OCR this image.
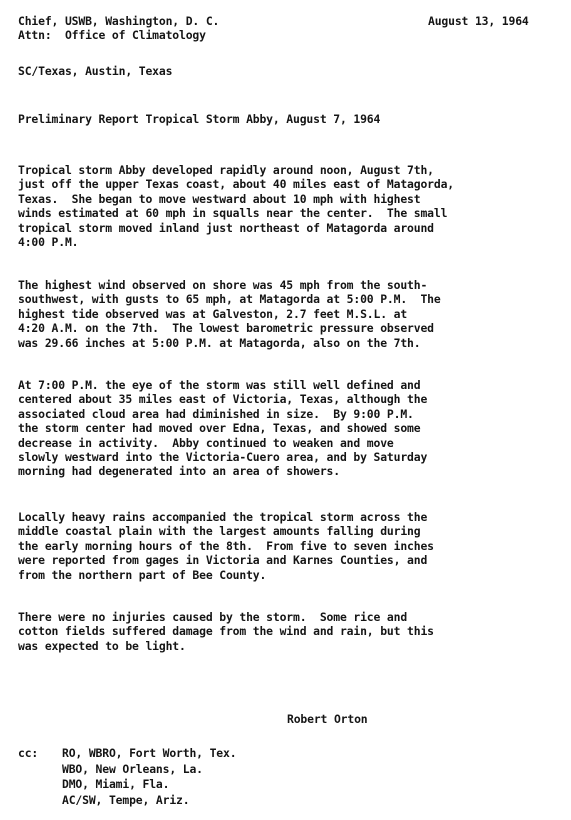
Chief, USWB, Washington, D. C.	August 13, 1964
Attn:  Office of Climatology
SC/Texas, Austin, Texas
Preliminary Report Tropical Storm Abby, August 7, 1964
Tropical storm Abby developed rapidly around noon, August 7th,
just off the upper Texas coast, about 40 miles east of Matagorda,
Texas.  She began to move westward about 10 mph with highest
winds estimated at 60 mph in squalls near the center.  The small
tropical storm moved inland just northeast of Matagorda around
4:00 P.M.
The highest wind observed on shore was 45 mph from the south-
southwest, with gusts to 65 mph, at Matagorda at 5:00 P.M.  The
highest tide observed was at Galveston, 2.7 feet M.S.L. at
4:20 A.M. on the 7th.  The lowest barometric pressure observed
was 29.66 inches at 5:00 P.M. at Matagorda, also on the 7th.
At 7:00 P.M. the eye of the storm was still well defined and
centered about 35 miles east of Victoria, Texas, although the
associated cloud area had diminished in size.  By 9:00 P.M.
the storm center had moved over Edna, Texas, and showed some
decrease in activity.  Abby continued to weaken and move
slowly westward into the Victoria-Cuero area, and by Saturday
morning had degenerated into an area of showers.
Locally heavy rains accompanied the tropical storm across the
middle coastal plain with the largest amounts falling during
the early morning hours of the 8th.  From five to seven inches
were reported from gages in Victoria and Karnes Counties, and
from the northern part of Bee County.
There were no injuries caused by the storm.  Some rice and
cotton fields suffered damage from the wind and rain, but this
was expected to be light.
Robert Orton
cc: RO, WBRO, Fort Worth, Tex.
WBO, New Orleans, La.
DMO, Miami, Fla.
AC/SW, Tempe, Ariz.
